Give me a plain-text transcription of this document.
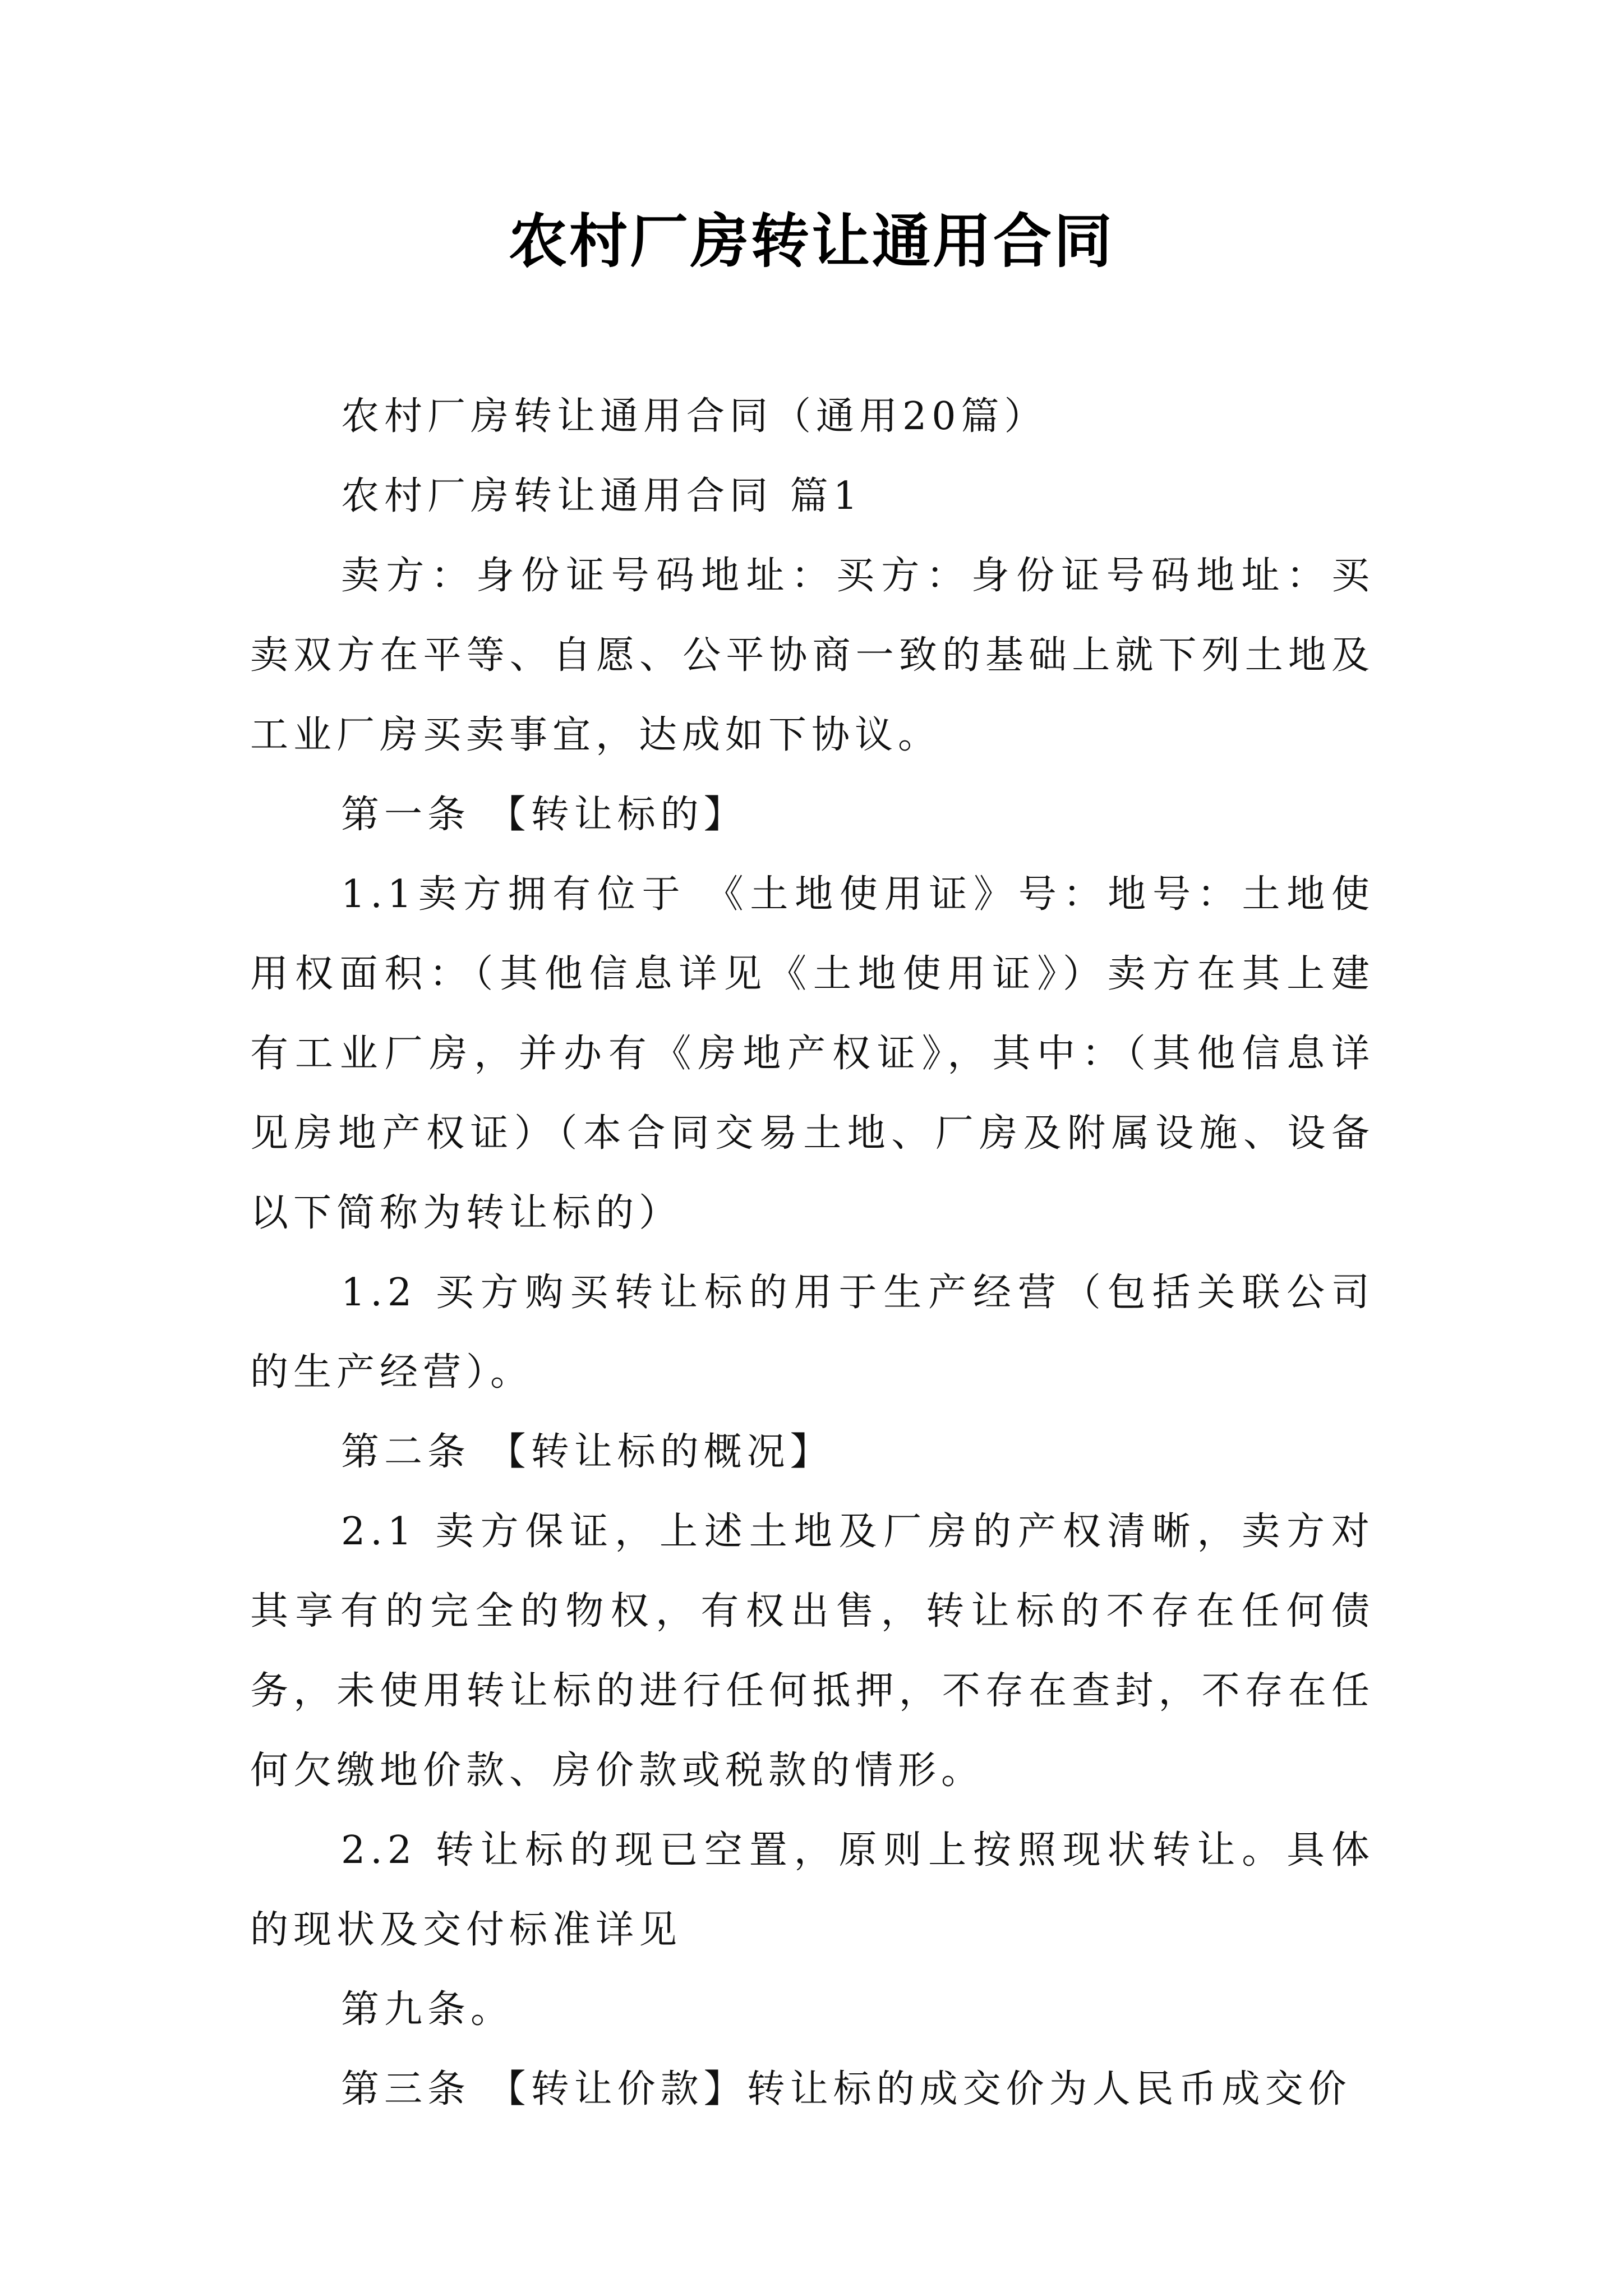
农村厂房转让通用合同

农村厂房转让通用合同（通用20篇）

农村厂房转让通用合同 篇1

卖方：身份证号码地址：买方：身份证号码地址：买卖双方在平等、自愿、公平协商一致的基础上就下列土地及工业厂房买卖事宜，达成如下协议。

第一条 【转让标的】

1.1卖方拥有位于 《土地使用证》号：地号：土地使用权面积：（其他信息详见《土地使用证》）卖方在其上建有工业厂房，并办有《房地产权证》，其中：（其他信息详见房地产权证）（本合同交易土地、厂房及附属设施、设备以下简称为转让标的）

1.2 买方购买转让标的用于生产经营（包括关联公司的生产经营）。

第二条 【转让标的概况】

2.1 卖方保证，上述土地及厂房的产权清晰，卖方对其享有的完全的物权，有权出售，转让标的不存在任何债务，未使用转让标的进行任何抵押，不存在查封，不存在任何欠缴地价款、房价款或税款的情形。

2.2 转让标的现已空置，原则上按照现状转让。具体的现状及交付标准详见

第九条。

第三条 【转让价款】转让标的成交价为人民币成交价
